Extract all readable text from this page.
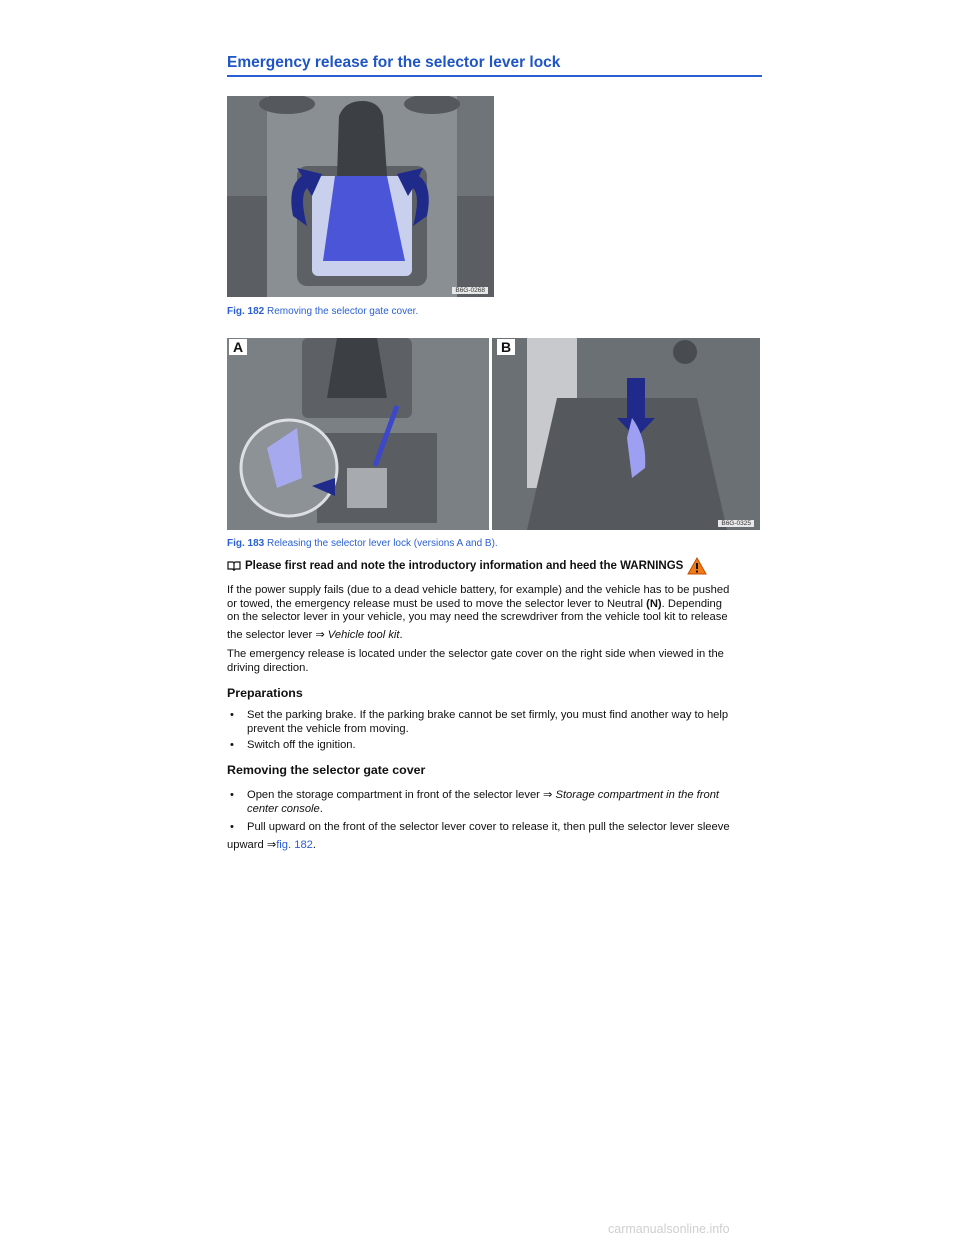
Emergency release for the selector lever lock
B6G-0268
Fig. 182 Removing the selector gate cover.
A	B
B6G-0325
Fig. 183 Releasing the selector lever lock (versions A and B).
Please first read and note the introductory information and heed the WARNINGS
If the power supply fails (due to a dead vehicle battery, for example) and the vehicle has to be pushed
or towed, the emergency release must be used to move the selector lever to Neutral (N). Depending
on the selector lever in your vehicle, you may need the screwdriver from the vehicle tool kit to release
the selector lever ⇒ Vehicle tool kit.
The emergency release is located under the selector gate cover on the right side when viewed in the
driving direction.
Preparations
•	Set the parking brake. If the parking brake cannot be set firmly, you must find another way to help
prevent the vehicle from moving.
•	Switch off the ignition.
Removing the selector gate cover
•	Open the storage compartment in front of the selector lever ⇒ Storage compartment in the front
center console.
•	Pull upward on the front of the selector lever cover to release it, then pull the selector lever sleeve
upward ⇒fig. 182.
carmanualsonline.info
